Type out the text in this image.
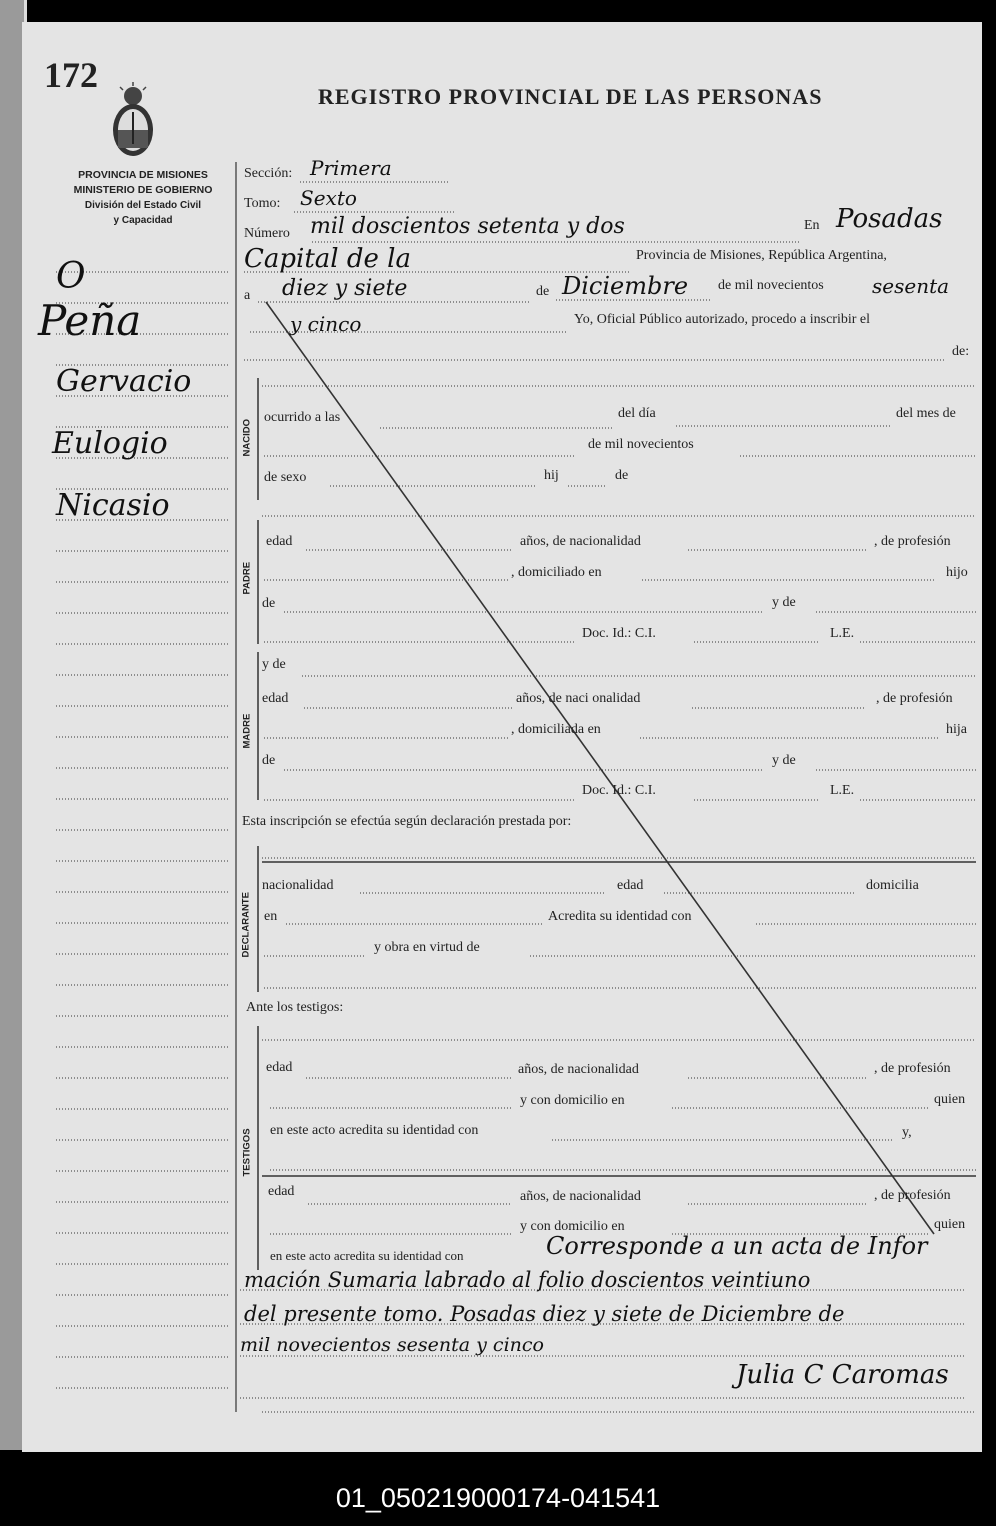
172
REGISTRO PROVINCIAL DE LAS PERSONAS
PROVINCIA DE MISIONES
MINISTERIO DE GOBIERNO
División del Estado Civil
y Capacidad
O
Peña
Gervacio
Eulogio
Nicasio
Sección: Primera
Tomo: Sexto
Número mil doscientos setenta y dos	En Posadas
Capital de la	Provincia de Misiones, República Argentina,
a diez y siete	de Diciembre de mil novecientos sesenta
y cinco	Yo, Oficial Público autorizado, procedo a inscribir el
de:
NACIDO
ocurrido a las	del día	del mes de
de mil novecientos
de sexo	hij	de
PADRE
edad	años, de nacionalidad	, de profesión
, domiciliado en	hijo
de	y de
Doc. Id.: C.I.	L.E.
MADRE
y de
edad	años, de naci onalidad	, de profesión
, domiciliada en	hija
de	y de
Doc. Id.: C.I.	L.E.
Esta inscripción se efectúa según declaración prestada por:
DECLARANTE
nacionalidad	edad	domicilia
en	Acredita su identidad con
y obra en virtud de
Ante los testigos:
TESTIGOS
edad	años, de nacionalidad	, de profesión
y con domicilio en	quien
en este acto acredita su identidad con	y,
edad	años, de nacionalidad	, de profesión
y con domicilio en	quien
en este acto acredita su identidad con	Corresponde a un acta de Infor
mación Sumaria labrado al folio doscientos veintiuno
del presente tomo. Posadas diez y siete de Diciembre de
mil novecientos sesenta y cinco
Julia C Caromas
01_050219000174-041541
